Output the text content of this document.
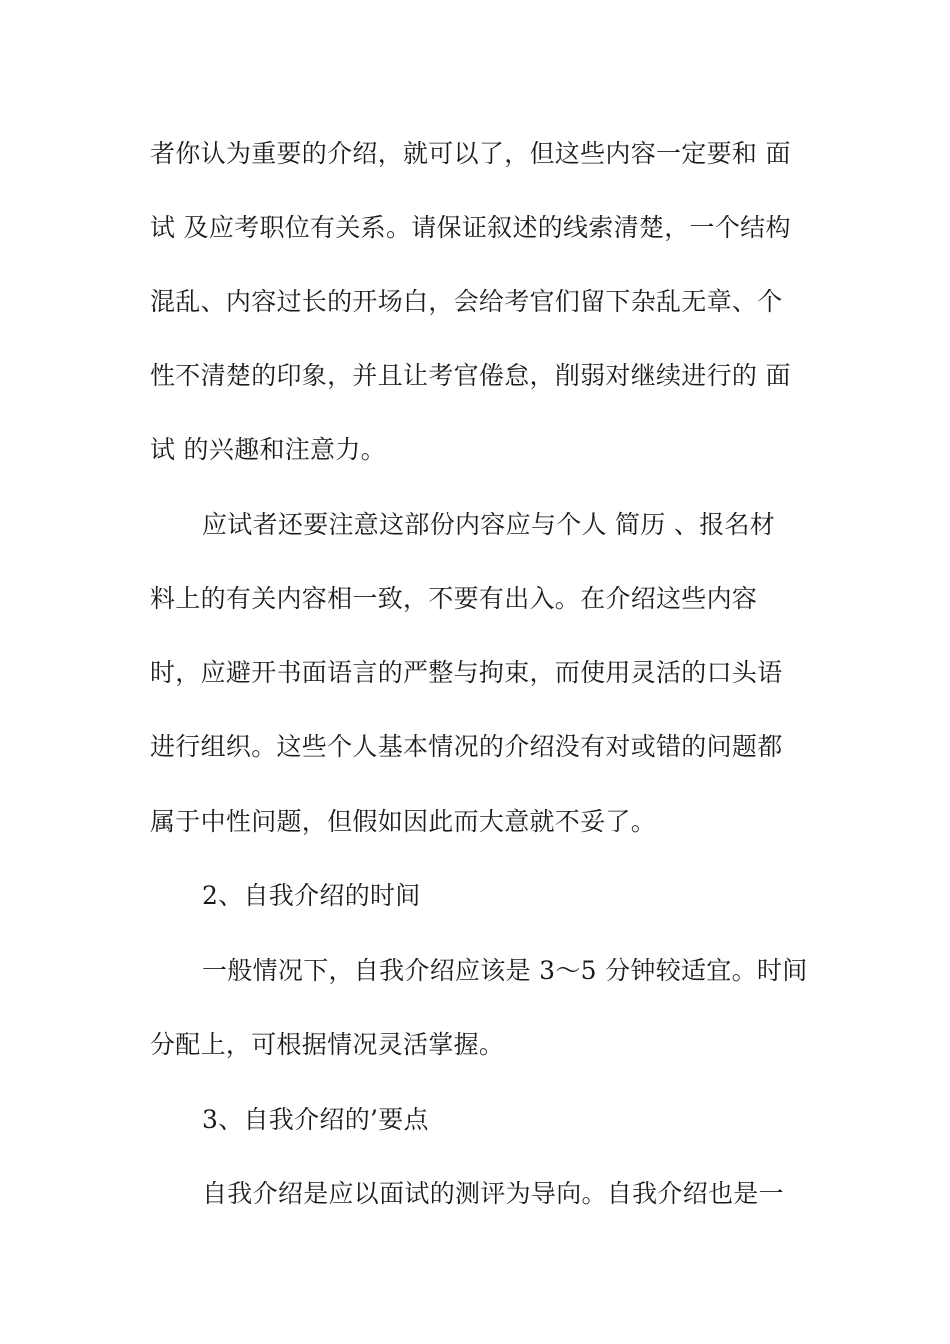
者你认为重要的介绍，就可以了，但这些内容一定要和 面
试 及应考职位有关系。请保证叙述的线索清楚，一个结构
混乱、内容过长的开场白，会给考官们留下杂乱无章、个
性不清楚的印象，并且让考官倦怠，削弱对继续进行的 面
试 的兴趣和注意力。
应试者还要注意这部份内容应与个人 简历 、报名材
料上的有关内容相一致，不要有出入。在介绍这些内容
时，应避开书面语言的严整与拘束，而使用灵活的口头语
进行组织。这些个人基本情况的介绍没有对或错的问题都
属于中性问题，但假如因此而大意就不妥了。
2、自我介绍的时间
一般情况下，自我介绍应该是 3～5 分钟较适宜。时间
分配上，可根据情况灵活掌握。
3、自我介绍的’要点
自我介绍是应以面试的测评为导向。自我介绍也是一
